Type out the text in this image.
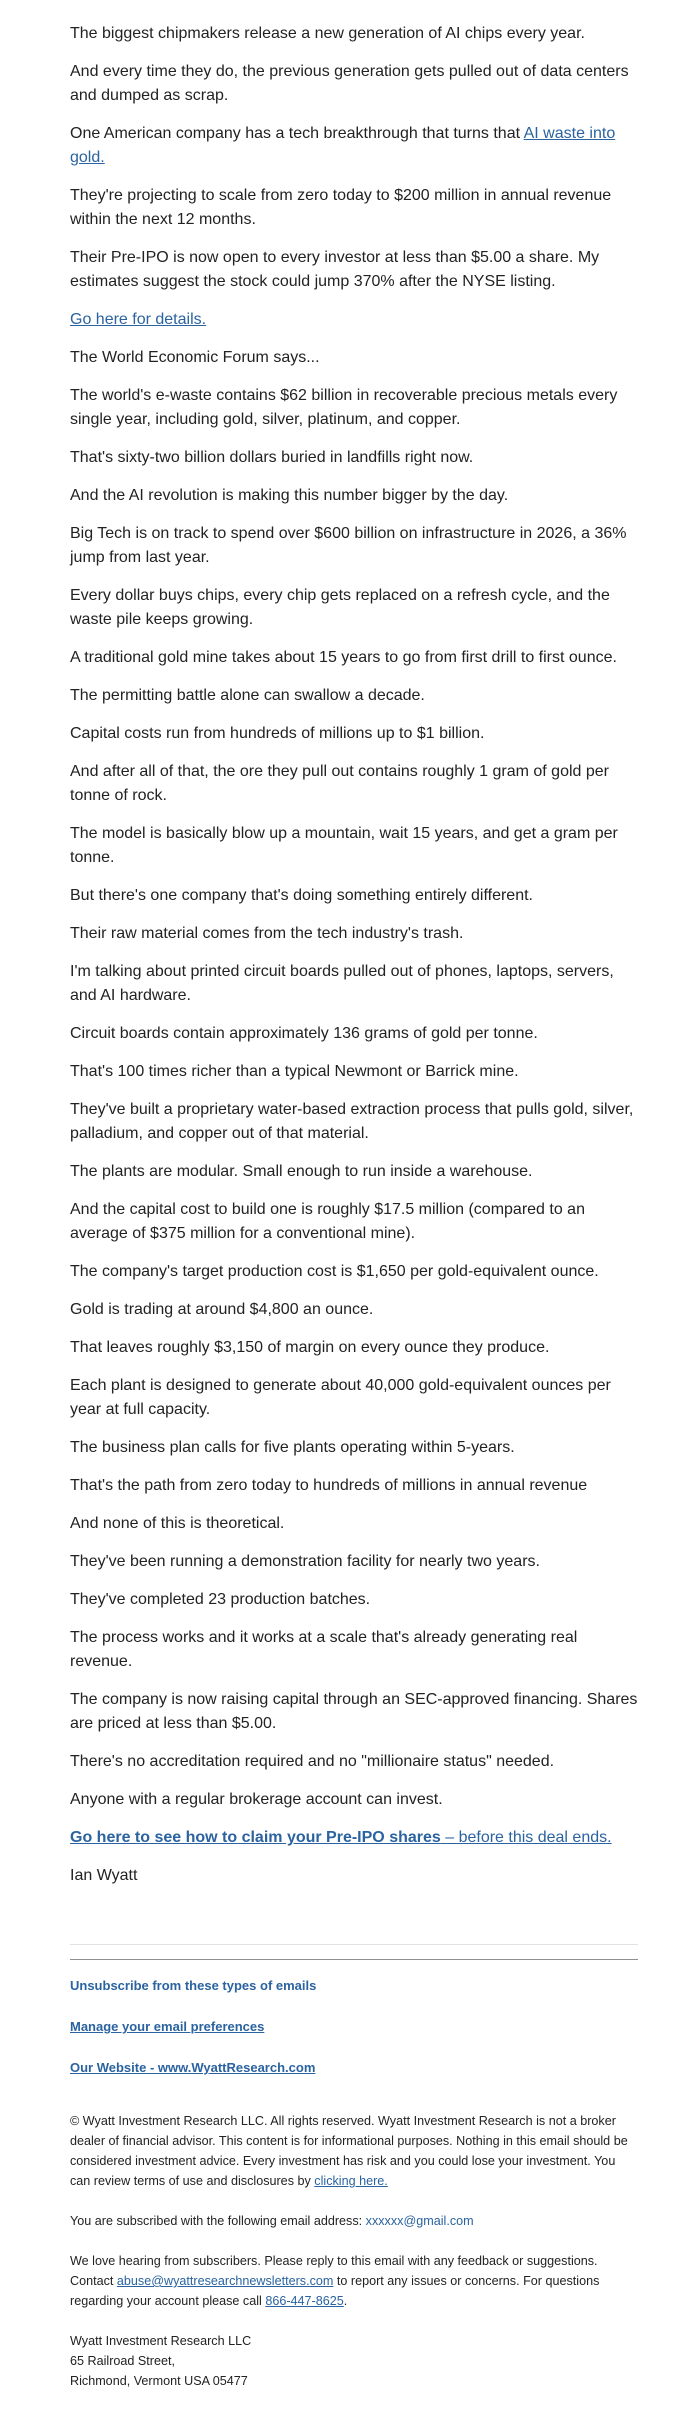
The biggest chipmakers release a new generation of AI chips every year.

And every time they do, the previous generation gets pulled out of data centers and dumped as scrap.

One American company has a tech breakthrough that turns that AI waste into gold.

They're projecting to scale from zero today to $200 million in annual revenue within the next 12 months.

Their Pre-IPO is now open to every investor at less than $5.00 a share. My estimates suggest the stock could jump 370% after the NYSE listing.

Go here for details.

The World Economic Forum says...

The world's e-waste contains $62 billion in recoverable precious metals every single year, including gold, silver, platinum, and copper.

That's sixty-two billion dollars buried in landfills right now.

And the AI revolution is making this number bigger by the day.

Big Tech is on track to spend over $600 billion on infrastructure in 2026, a 36% jump from last year.

Every dollar buys chips, every chip gets replaced on a refresh cycle, and the waste pile keeps growing.

A traditional gold mine takes about 15 years to go from first drill to first ounce.

The permitting battle alone can swallow a decade.

Capital costs run from hundreds of millions up to $1 billion.

And after all of that, the ore they pull out contains roughly 1 gram of gold per tonne of rock.

The model is basically blow up a mountain, wait 15 years, and get a gram per tonne.

But there's one company that's doing something entirely different.

Their raw material comes from the tech industry's trash.

I'm talking about printed circuit boards pulled out of phones, laptops, servers, and AI hardware.

Circuit boards contain approximately 136 grams of gold per tonne.

That's 100 times richer than a typical Newmont or Barrick mine.

They've built a proprietary water-based extraction process that pulls gold, silver, palladium, and copper out of that material.

The plants are modular. Small enough to run inside a warehouse.

And the capital cost to build one is roughly $17.5 million (compared to an average of $375 million for a conventional mine).

The company's target production cost is $1,650 per gold-equivalent ounce.

Gold is trading at around $4,800 an ounce.

That leaves roughly $3,150 of margin on every ounce they produce.

Each plant is designed to generate about 40,000 gold-equivalent ounces per year at full capacity.

The business plan calls for five plants operating within 5-years.

That's the path from zero today to hundreds of millions in annual revenue

And none of this is theoretical.

They've been running a demonstration facility for nearly two years.

They've completed 23 production batches.

The process works and it works at a scale that's already generating real revenue.

The company is now raising capital through an SEC-approved financing. Shares are priced at less than $5.00.

There's no accreditation required and no "millionaire status" needed.

Anyone with a regular brokerage account can invest.

Go here to see how to claim your Pre-IPO shares – before this deal ends.

Ian Wyatt

Unsubscribe from these types of emails
Manage your email preferences
Our Website - www.WyattResearch.com

© Wyatt Investment Research LLC. All rights reserved. Wyatt Investment Research is not a broker dealer of financial advisor. This content is for informational purposes. Nothing in this email should be considered investment advice. Every investment has risk and you could lose your investment. You can review terms of use and disclosures by clicking here.

You are subscribed with the following email address: xxxxxx@gmail.com

We love hearing from subscribers. Please reply to this email with any feedback or suggestions. Contact abuse@wyattresearchnewsletters.com to report any issues or concerns. For questions regarding your account please call 866-447-8625.

Wyatt Investment Research LLC

65 Railroad Street,

Richmond, Vermont USA 05477
